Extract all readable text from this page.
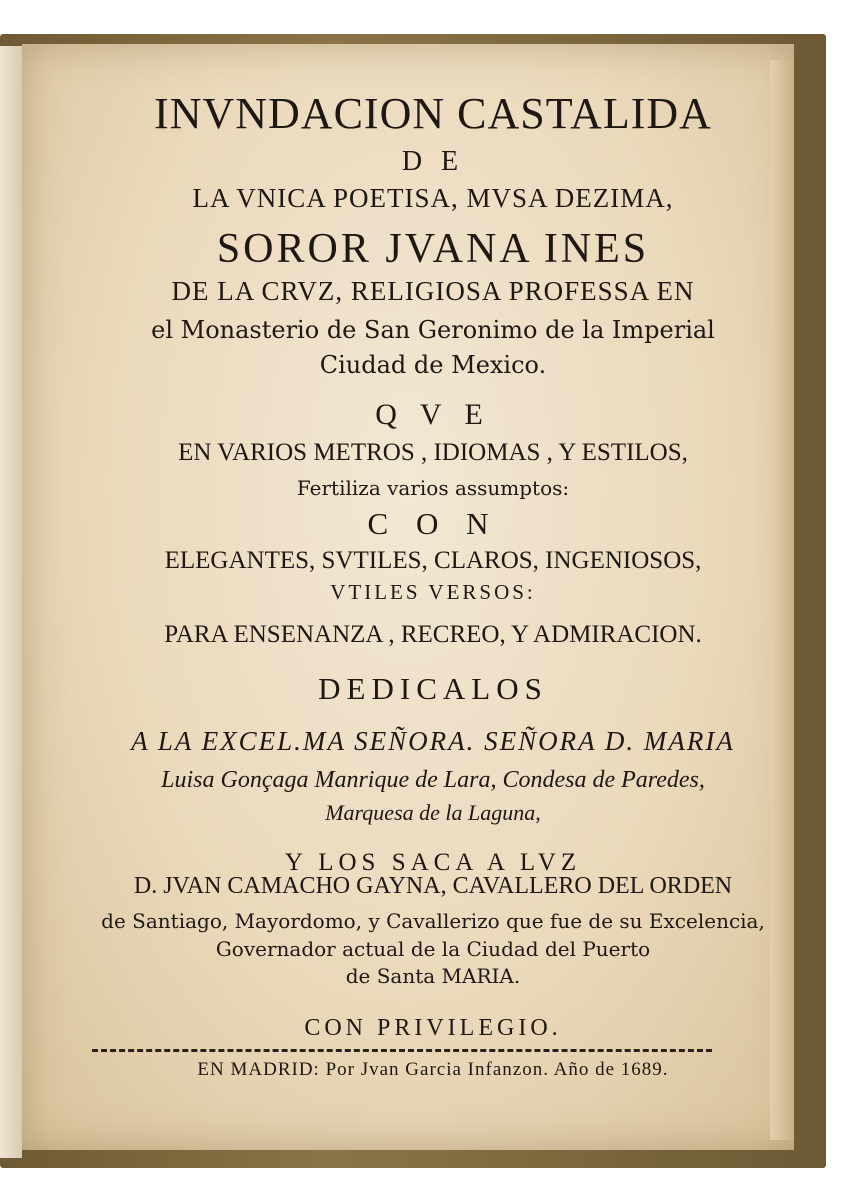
INVNDACION CASTALIDA
D E
LA VNICA POETISA, MVSA DEZIMA,
SOROR JVANA INES
DE LA CRVZ, RELIGIOSA PROFESSA EN
el Monasterio de San Geronimo de la Imperial
Ciudad de Mexico.
Q V E
EN VARIOS METROS , IDIOMAS , Y ESTILOS,
Fertiliza varios assumptos:
C O N
ELEGANTES, SVTILES, CLAROS, INGENIOSOS,
VTILES VERSOS:
PARA ENSENANZA , RECREO, Y ADMIRACION.
DEDICALOS
A LA EXCEL.MA SEÑORA. SEÑORA D. MARIA
Luisa Gonçaga Manrique de Lara, Condesa de Paredes,
Marquesa de la Laguna,
Y LOS SACA A LVZ
D. JVAN CAMACHO GAYNA, CAVALLERO DEL ORDEN
de Santiago, Mayordomo, y Cavallerizo que fue de su Excelencia,
Governador actual de la Ciudad del Puerto
de Santa MARIA.
CON PRIVILEGIO.
EN MADRID: Por Jvan Garcia Infanzon. Año de 1689.
